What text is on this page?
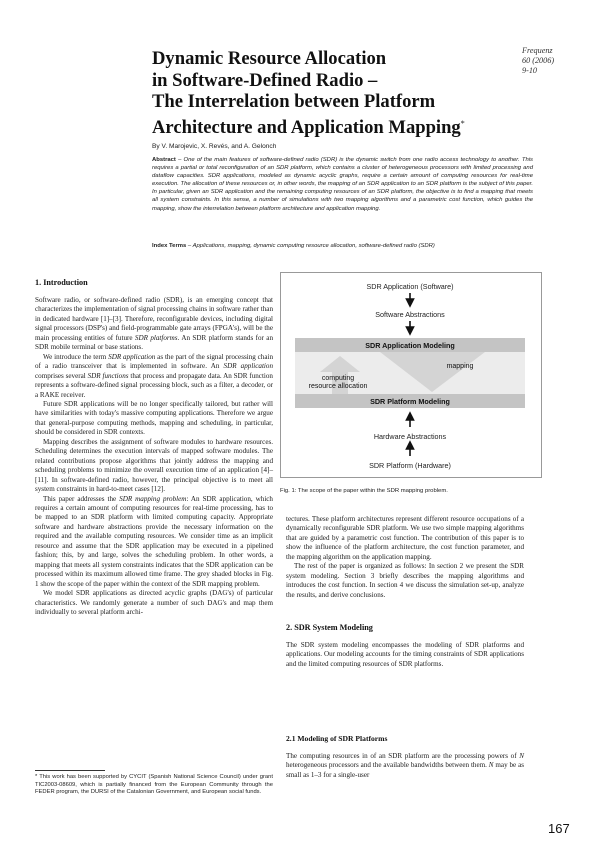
Dynamic Resource Allocation
in Software-Defined Radio –
The Interrelation between Platform
Architecture and Application Mapping*
Frequenz
60 (2006)
9-10
By V. Marojevic, X. Revés, and A. Gelonch
Abstract – One of the main features of software-defined radio (SDR) is the dynamic switch from one radio access technology to another. This requires a partial or total reconfiguration of an SDR platform, which contains a cluster of heterogeneous processors with limited processing and dataflow capacities. SDR applications, modeled as dynamic acyclic graphs, require a certain amount of computing resources for real-time execution. The allocation of these resources or, in other words, the mapping of an SDR application to an SDR platform is the subject of this paper. In particular, given an SDR application and the remaining computing resources of an SDR platform, the objective is to find a mapping that meets all system constraints. In this sense, a number of simulations with two mapping algorithms and a parametric cost function, which guides the mapping, show the interrelation between platform architecture and application mapping.
Index Terms – Applications, mapping, dynamic computing resource allocation, software-defined radio (SDR)
1. Introduction

Software radio, or software-defined radio (SDR), is an emerging concept that characterizes the implementation of signal processing chains in software rather than in dedicated hardware [1]–[3]. Therefore, reconfigurable devices, including digital signal processors (DSP's) and field-programmable gate arrays (FPGA's), will be the main processing entities of future SDR platforms. An SDR platform stands for an SDR mobile terminal or base stations.

We introduce the term SDR application as the part of the signal processing chain of a radio transceiver that is implemented in software. An SDR application comprises several SDR functions that process and propagate data. An SDR function represents a software-defined signal processing block, such as a filter, a decoder, or a RAKE receiver.

Future SDR applications will be no longer specifically tailored, but rather will have similarities with today's massive computing applications. Therefore we argue that general-purpose computing methods, mapping and scheduling, in particular, should be considered in SDR contexts.

Mapping describes the assignment of software modules to hardware resources. Scheduling determines the execution intervals of mapped software modules. The related contributions propose algorithms that jointly address the mapping and scheduling problems to minimize the overall execution time of an application [4]–[11]. In software-defined radio, however, the principal objective is to meet all system constraints in hard-to-meet cases [12].

This paper addresses the SDR mapping problem: An SDR application, which requires a certain amount of computing resources for real-time processing, has to be mapped to an SDR platform with limited computing capacity. Appropriate software and hardware abstractions provide the necessary information on the required and the available computing resources. We consider time as an implicit resource and assume that the SDR application may be executed in a pipelined fashion; this, by and large, solves the scheduling problem. In other words, a mapping that meets all system constraints indicates that the SDR application can be processed within its maximum allowed time frame. The grey shaded blocks in Fig. 1 show the scope of the paper within the context of the SDR mapping problem.

We model SDR applications as directed acyclic graphs (DAG's) of particular characteristics. We randomly generate a number of such DAG's and map them individually to several platform archi-

* This work has been supported by CYCIT (Spanish National Science Council) under grant TIC2003-08609, which is partially financed from the European Community through the FEDER program, the DURSI of the Catalonian Government, and European social funds.
SDR Application (Software)
Software Abstractions
SDR Application Modeling
mapping
computing
resource allocation
SDR Platform Modeling
Hardware Abstractions
SDR Platform (Hardware)
Fig. 1: The scope of the paper within the SDR mapping problem.

tectures. These platform architectures represent different resource occupations of a dynamically reconfigurable SDR platform. We use two simple mapping algorithms that are guided by a parametric cost function. The contribution of this paper is to show the influence of the platform architecture, the cost function parameter, and the mapping algorithm on the application mapping.

The rest of the paper is organized as follows: In section 2 we present the SDR system modeling. Section 3 briefly describes the mapping algorithms and introduces the cost function. In section 4 we discuss the simulation set-up, analyze the results, and derive conclusions.

2. SDR System Modeling

The SDR system modeling encompasses the modeling of SDR platforms and applications. Our modeling accounts for the timing constraints of SDR applications and the limited computing resources of SDR platforms.

2.1 Modeling of SDR Platforms

The computing resources in of an SDR platform are the processing powers of N heterogeneous processors and the available bandwidths between them. N may be as small as 1–3 for a single-user

167
